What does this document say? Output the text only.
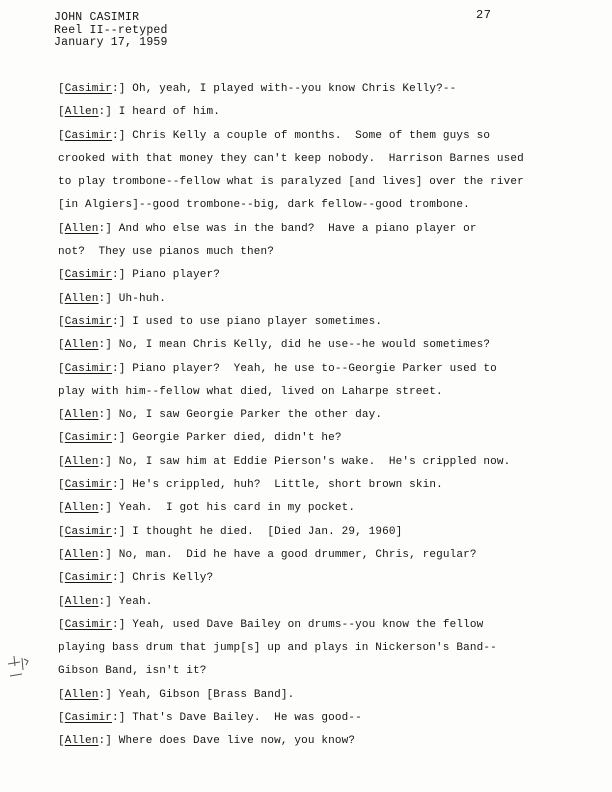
JOHN CASIMIR
Reel II--retyped
January 17, 1959
27
[Casimir:] Oh, yeah, I played with--you know Chris Kelly?--
[Allen:] I heard of him.
[Casimir:] Chris Kelly a couple of months.  Some of them guys so
crooked with that money they can't keep nobody.  Harrison Barnes used
to play trombone--fellow what is paralyzed [and lives] over the river
[in Algiers]--good trombone--big, dark fellow--good trombone.
[Allen:] And who else was in the band?  Have a piano player or
not?  They use pianos much then?
[Casimir:] Piano player?
[Allen:] Uh-huh.
[Casimir:] I used to use piano player sometimes.
[Allen:] No, I mean Chris Kelly, did he use--he would sometimes?
[Casimir:] Piano player?  Yeah, he use to--Georgie Parker used to
play with him--fellow what died, lived on Laharpe street.
[Allen:] No, I saw Georgie Parker the other day.
[Casimir:] Georgie Parker died, didn't he?
[Allen:] No, I saw him at Eddie Pierson's wake.  He's crippled now.
[Casimir:] He's crippled, huh?  Little, short brown skin.
[Allen:] Yeah.  I got his card in my pocket.
[Casimir:] I thought he died.  [Died Jan. 29, 1960]
[Allen:] No, man.  Did he have a good drummer, Chris, regular?
[Casimir:] Chris Kelly?
[Allen:] Yeah.
[Casimir:] Yeah, used Dave Bailey on drums--you know the fellow
playing bass drum that jump[s] up and plays in Nickerson's Band--
Gibson Band, isn't it?
[Allen:] Yeah, Gibson [Brass Band].
[Casimir:] That's Dave Bailey.  He was good--
[Allen:] Where does Dave live now, you know?
